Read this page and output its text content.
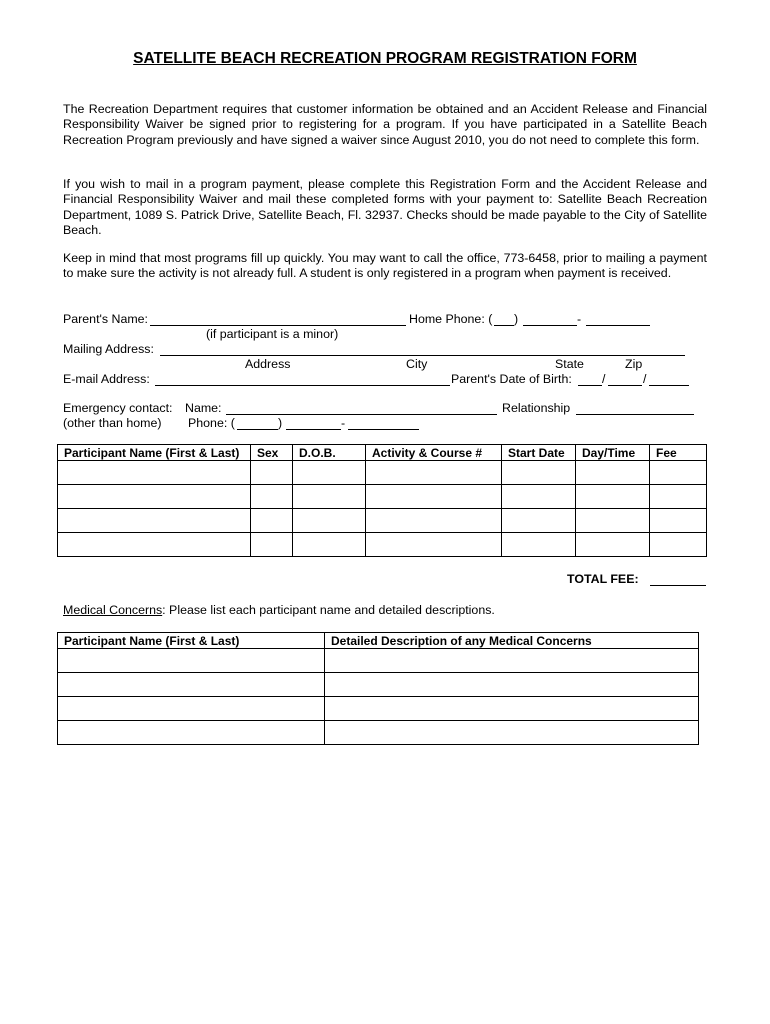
SATELLITE BEACH RECREATION PROGRAM REGISTRATION FORM
The Recreation Department requires that customer information be obtained and an Accident Release and Financial Responsibility Waiver be signed prior to registering for a program. If you have participated in a Satellite Beach Recreation Program previously and have signed a waiver since August 2010, you do not need to complete this form.
If you wish to mail in a program payment, please complete this Registration Form and the Accident Release and Financial Responsibility Waiver and mail these completed forms with your payment to: Satellite Beach Recreation Department, 1089 S. Patrick Drive, Satellite Beach, Fl. 32937. Checks should be made payable to the City of Satellite Beach.
Keep in mind that most programs fill up quickly. You may want to call the office, 773-6458, prior to mailing a payment to make sure the activity is not already full. A student is only registered in a program when payment is received.
Parent's Name:	Home Phone: ( )	-
(if participant is a minor)
Mailing Address:
Address	City	State	Zip
E-mail Address:	Parent's Date of Birth: /	/
Emergency contact: Name:	Relationship
(other than home) Phone: (	)	-
Participant Name (First & Last)	Sex	D.O.B.	Activity & Course #	Start Date	Day/Time	Fee

TOTAL FEE:
Medical Concerns: Please list each participant name and detailed descriptions.
Participant Name (First & Last)	Detailed Description of any Medical Concerns
